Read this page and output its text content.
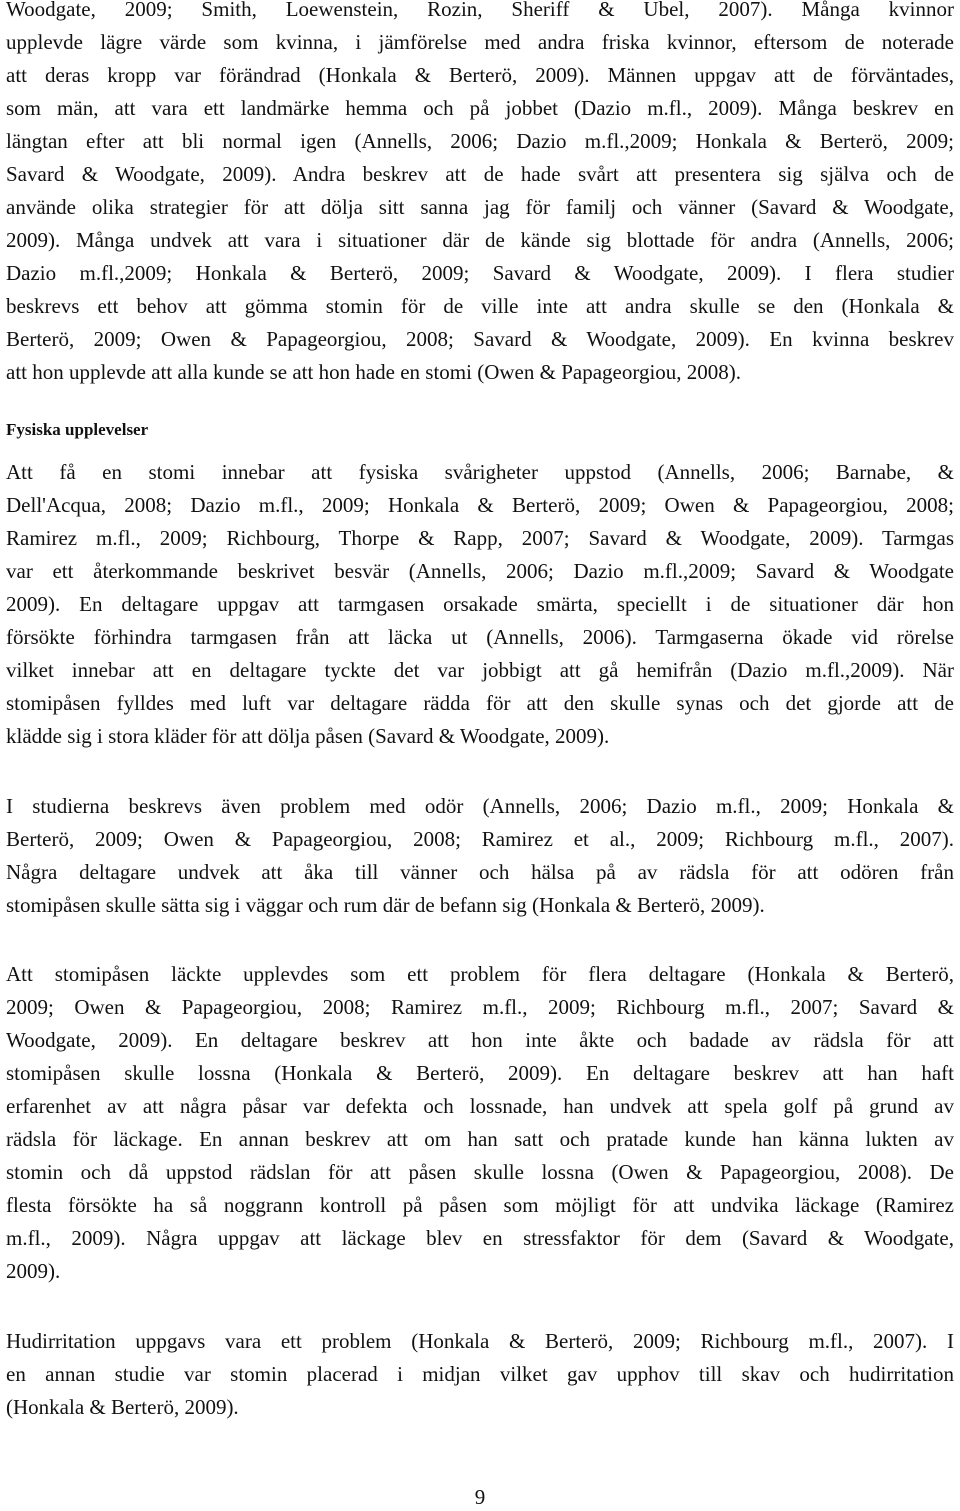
Woodgate, 2009; Smith, Loewenstein, Rozin, Sheriff & Ubel, 2007). Många kvinnor
upplevde lägre värde som kvinna, i jämförelse med andra friska kvinnor, eftersom de noterade
att deras kropp var förändrad (Honkala & Berterö, 2009). Männen uppgav att de förväntades,
som män, att vara ett landmärke hemma och på jobbet (Dazio m.fl., 2009). Många beskrev en
längtan efter att bli normal igen (Annells, 2006; Dazio m.fl.,2009; Honkala & Berterö, 2009;
Savard & Woodgate, 2009). Andra beskrev att de hade svårt att presentera sig själva och de
använde olika strategier för att dölja sitt sanna jag för familj och vänner (Savard & Woodgate,
2009). Många undvek att vara i situationer där de kände sig blottade för andra (Annells, 2006;
Dazio m.fl.,2009; Honkala & Berterö, 2009; Savard & Woodgate, 2009). I flera studier
beskrevs ett behov att gömma stomin för de ville inte att andra skulle se den (Honkala &
Berterö, 2009; Owen & Papageorgiou, 2008; Savard & Woodgate, 2009). En kvinna beskrev
att hon upplevde att alla kunde se att hon hade en stomi (Owen & Papageorgiou, 2008).
Fysiska upplevelser
Att få en stomi innebar att fysiska svårigheter uppstod (Annells, 2006; Barnabe, &
Dell'Acqua, 2008; Dazio m.fl., 2009; Honkala & Berterö, 2009; Owen & Papageorgiou, 2008;
Ramirez m.fl., 2009; Richbourg, Thorpe & Rapp, 2007; Savard & Woodgate, 2009). Tarmgas
var ett återkommande beskrivet besvär (Annells, 2006; Dazio m.fl.,2009; Savard & Woodgate
2009). En deltagare uppgav att tarmgasen orsakade smärta, speciellt i de situationer där hon
försökte förhindra tarmgasen från att läcka ut (Annells, 2006). Tarmgaserna ökade vid rörelse
vilket innebar att en deltagare tyckte det var jobbigt att gå hemifrån (Dazio m.fl.,2009). När
stomipåsen fylldes med luft var deltagare rädda för att den skulle synas och det gjorde att de
klädde sig i stora kläder för att dölja påsen (Savard & Woodgate, 2009).
I studierna beskrevs även problem med odör (Annells, 2006; Dazio m.fl., 2009; Honkala &
Berterö, 2009; Owen & Papageorgiou, 2008; Ramirez et al., 2009; Richbourg m.fl., 2007).
Några deltagare undvek att åka till vänner och hälsa på av rädsla för att odören från
stomipåsen skulle sätta sig i väggar och rum där de befann sig (Honkala & Berterö, 2009).
Att stomipåsen läckte upplevdes som ett problem för flera deltagare (Honkala & Berterö,
2009; Owen & Papageorgiou, 2008; Ramirez m.fl., 2009; Richbourg m.fl., 2007; Savard &
Woodgate, 2009). En deltagare beskrev att hon inte åkte och badade av rädsla för att
stomipåsen skulle lossna (Honkala & Berterö, 2009). En deltagare beskrev att han haft
erfarenhet av att några påsar var defekta och lossnade, han undvek att spela golf på grund av
rädsla för läckage. En annan beskrev att om han satt och pratade kunde han känna lukten av
stomin och då uppstod rädslan för att påsen skulle lossna (Owen & Papageorgiou, 2008). De
flesta försökte ha så noggrann kontroll på påsen som möjligt för att undvika läckage (Ramirez
m.fl., 2009). Några uppgav att läckage blev en stressfaktor för dem (Savard & Woodgate,
2009).
Hudirritation uppgavs vara ett problem (Honkala & Berterö, 2009; Richbourg m.fl., 2007). I
en annan studie var stomin placerad i midjan vilket gav upphov till skav och hudirritation
(Honkala & Berterö, 2009).
9
